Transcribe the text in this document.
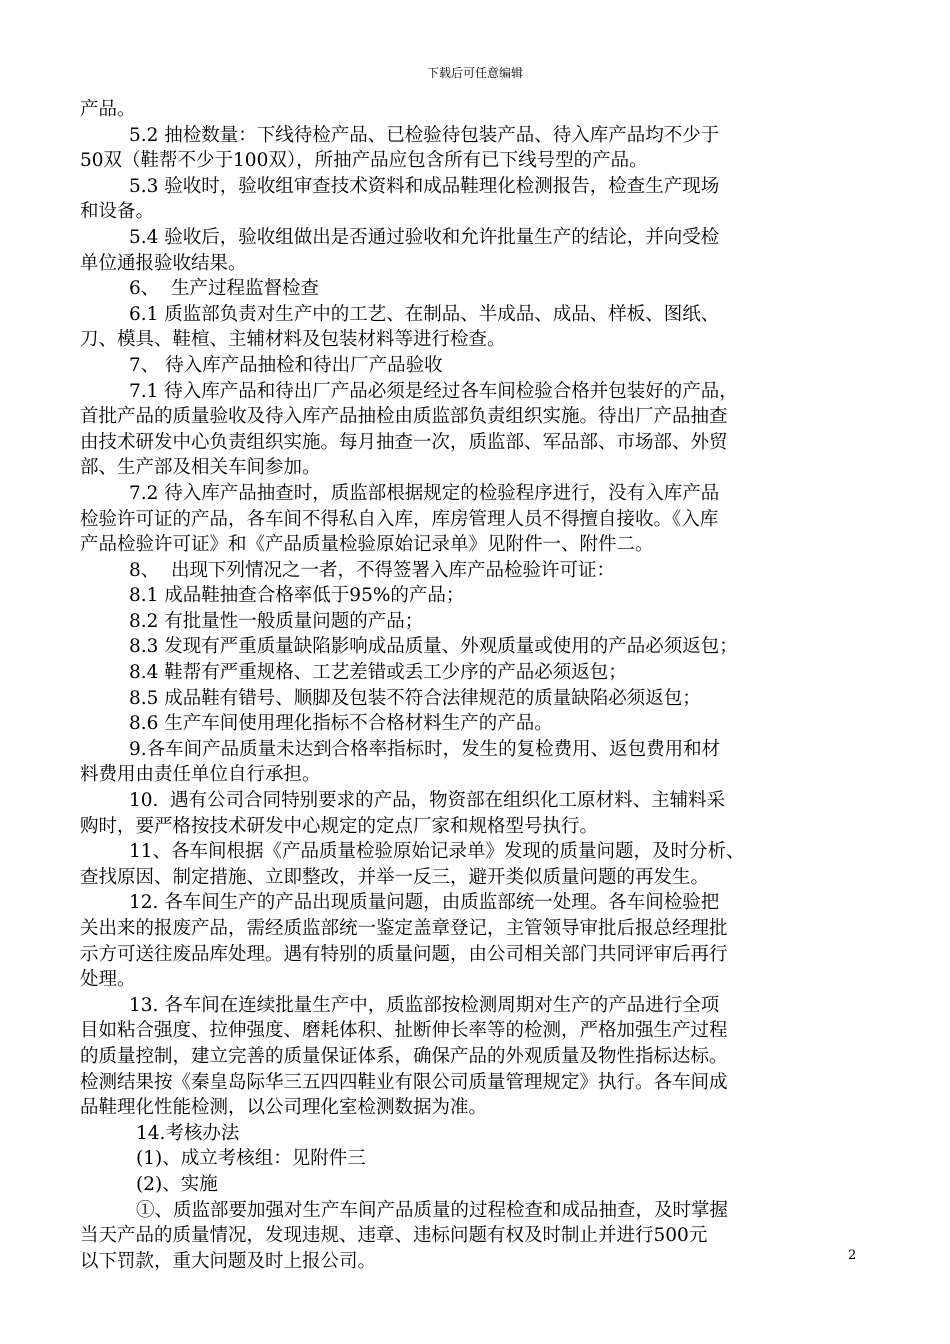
下载后可任意编辑
产品。
5.2 抽检数量：下线待检产品、已检验待包装产品、待入库产品均不少于
50双（鞋帮不少于100双），所抽产品应包含所有已下线号型的产品。
5.3 验收时，验收组审查技术资料和成品鞋理化检测报告，检查生产现场
和设备。
5.4 验收后，验收组做出是否通过验收和允许批量生产的结论，并向受检
单位通报验收结果。
6、  生产过程监督检查
6.1 质监部负责对生产中的工艺、在制品、半成品、成品、样板、图纸、
刀、模具、鞋楦、主辅材料及包装材料等进行检查。
7、 待入库产品抽检和待出厂产品验收
7.1 待入库产品和待出厂产品必须是经过各车间检验合格并包装好的产品，
首批产品的质量验收及待入库产品抽检由质监部负责组织实施。待出厂产品抽查
由技术研发中心负责组织实施。每月抽查一次，质监部、军品部、市场部、外贸
部、生产部及相关车间参加。
7.2 待入库产品抽查时，质监部根据规定的检验程序进行，没有入库产品
检验许可证的产品，各车间不得私自入库，库房管理人员不得擅自接收。《入库
产品检验许可证》和《产品质量检验原始记录单》见附件一、附件二。
8、  出现下列情况之一者，不得签署入库产品检验许可证：
8.1 成品鞋抽查合格率低于95%的产品；
8.2 有批量性一般质量问题的产品；
8.3 发现有严重质量缺陷影响成品质量、外观质量或使用的产品必须返包；
8.4 鞋帮有严重规格、工艺差错或丢工少序的产品必须返包；
8.5 成品鞋有错号、顺脚及包装不符合法律规范的质量缺陷必须返包；
8.6 生产车间使用理化指标不合格材料生产的产品。
9.各车间产品质量未达到合格率指标时，发生的复检费用、返包费用和材
料费用由责任单位自行承担。
10.  遇有公司合同特别要求的产品，物资部在组织化工原材料、主辅料采
购时，要严格按技术研发中心规定的定点厂家和规格型号执行。
11、各车间根据《产品质量检验原始记录单》发现的质量问题，及时分析、
查找原因、制定措施、立即整改，并举一反三，避开类似质量问题的再发生。
12. 各车间生产的产品出现质量问题，由质监部统一处理。各车间检验把
关出来的报废产品，需经质监部统一鉴定盖章登记，主管领导审批后报总经理批
示方可送往废品库处理。遇有特别的质量问题，由公司相关部门共同评审后再行
处理。
13. 各车间在连续批量生产中，质监部按检测周期对生产的产品进行全项
目如粘合强度、拉伸强度、磨耗体积、扯断伸长率等的检测，严格加强生产过程
的质量控制，建立完善的质量保证体系，确保产品的外观质量及物性指标达标。
检测结果按《秦皇岛际华三五四四鞋业有限公司质量管理规定》执行。各车间成
品鞋理化性能检测，以公司理化室检测数据为准。
14.考核办法
(1)、成立考核组：见附件三
(2)、实施
①、质监部要加强对生产车间产品质量的过程检查和成品抽查，及时掌握
当天产品的质量情况，发现违规、违章、违标问题有权及时制止并进行500元
以下罚款，重大问题及时上报公司。	2
